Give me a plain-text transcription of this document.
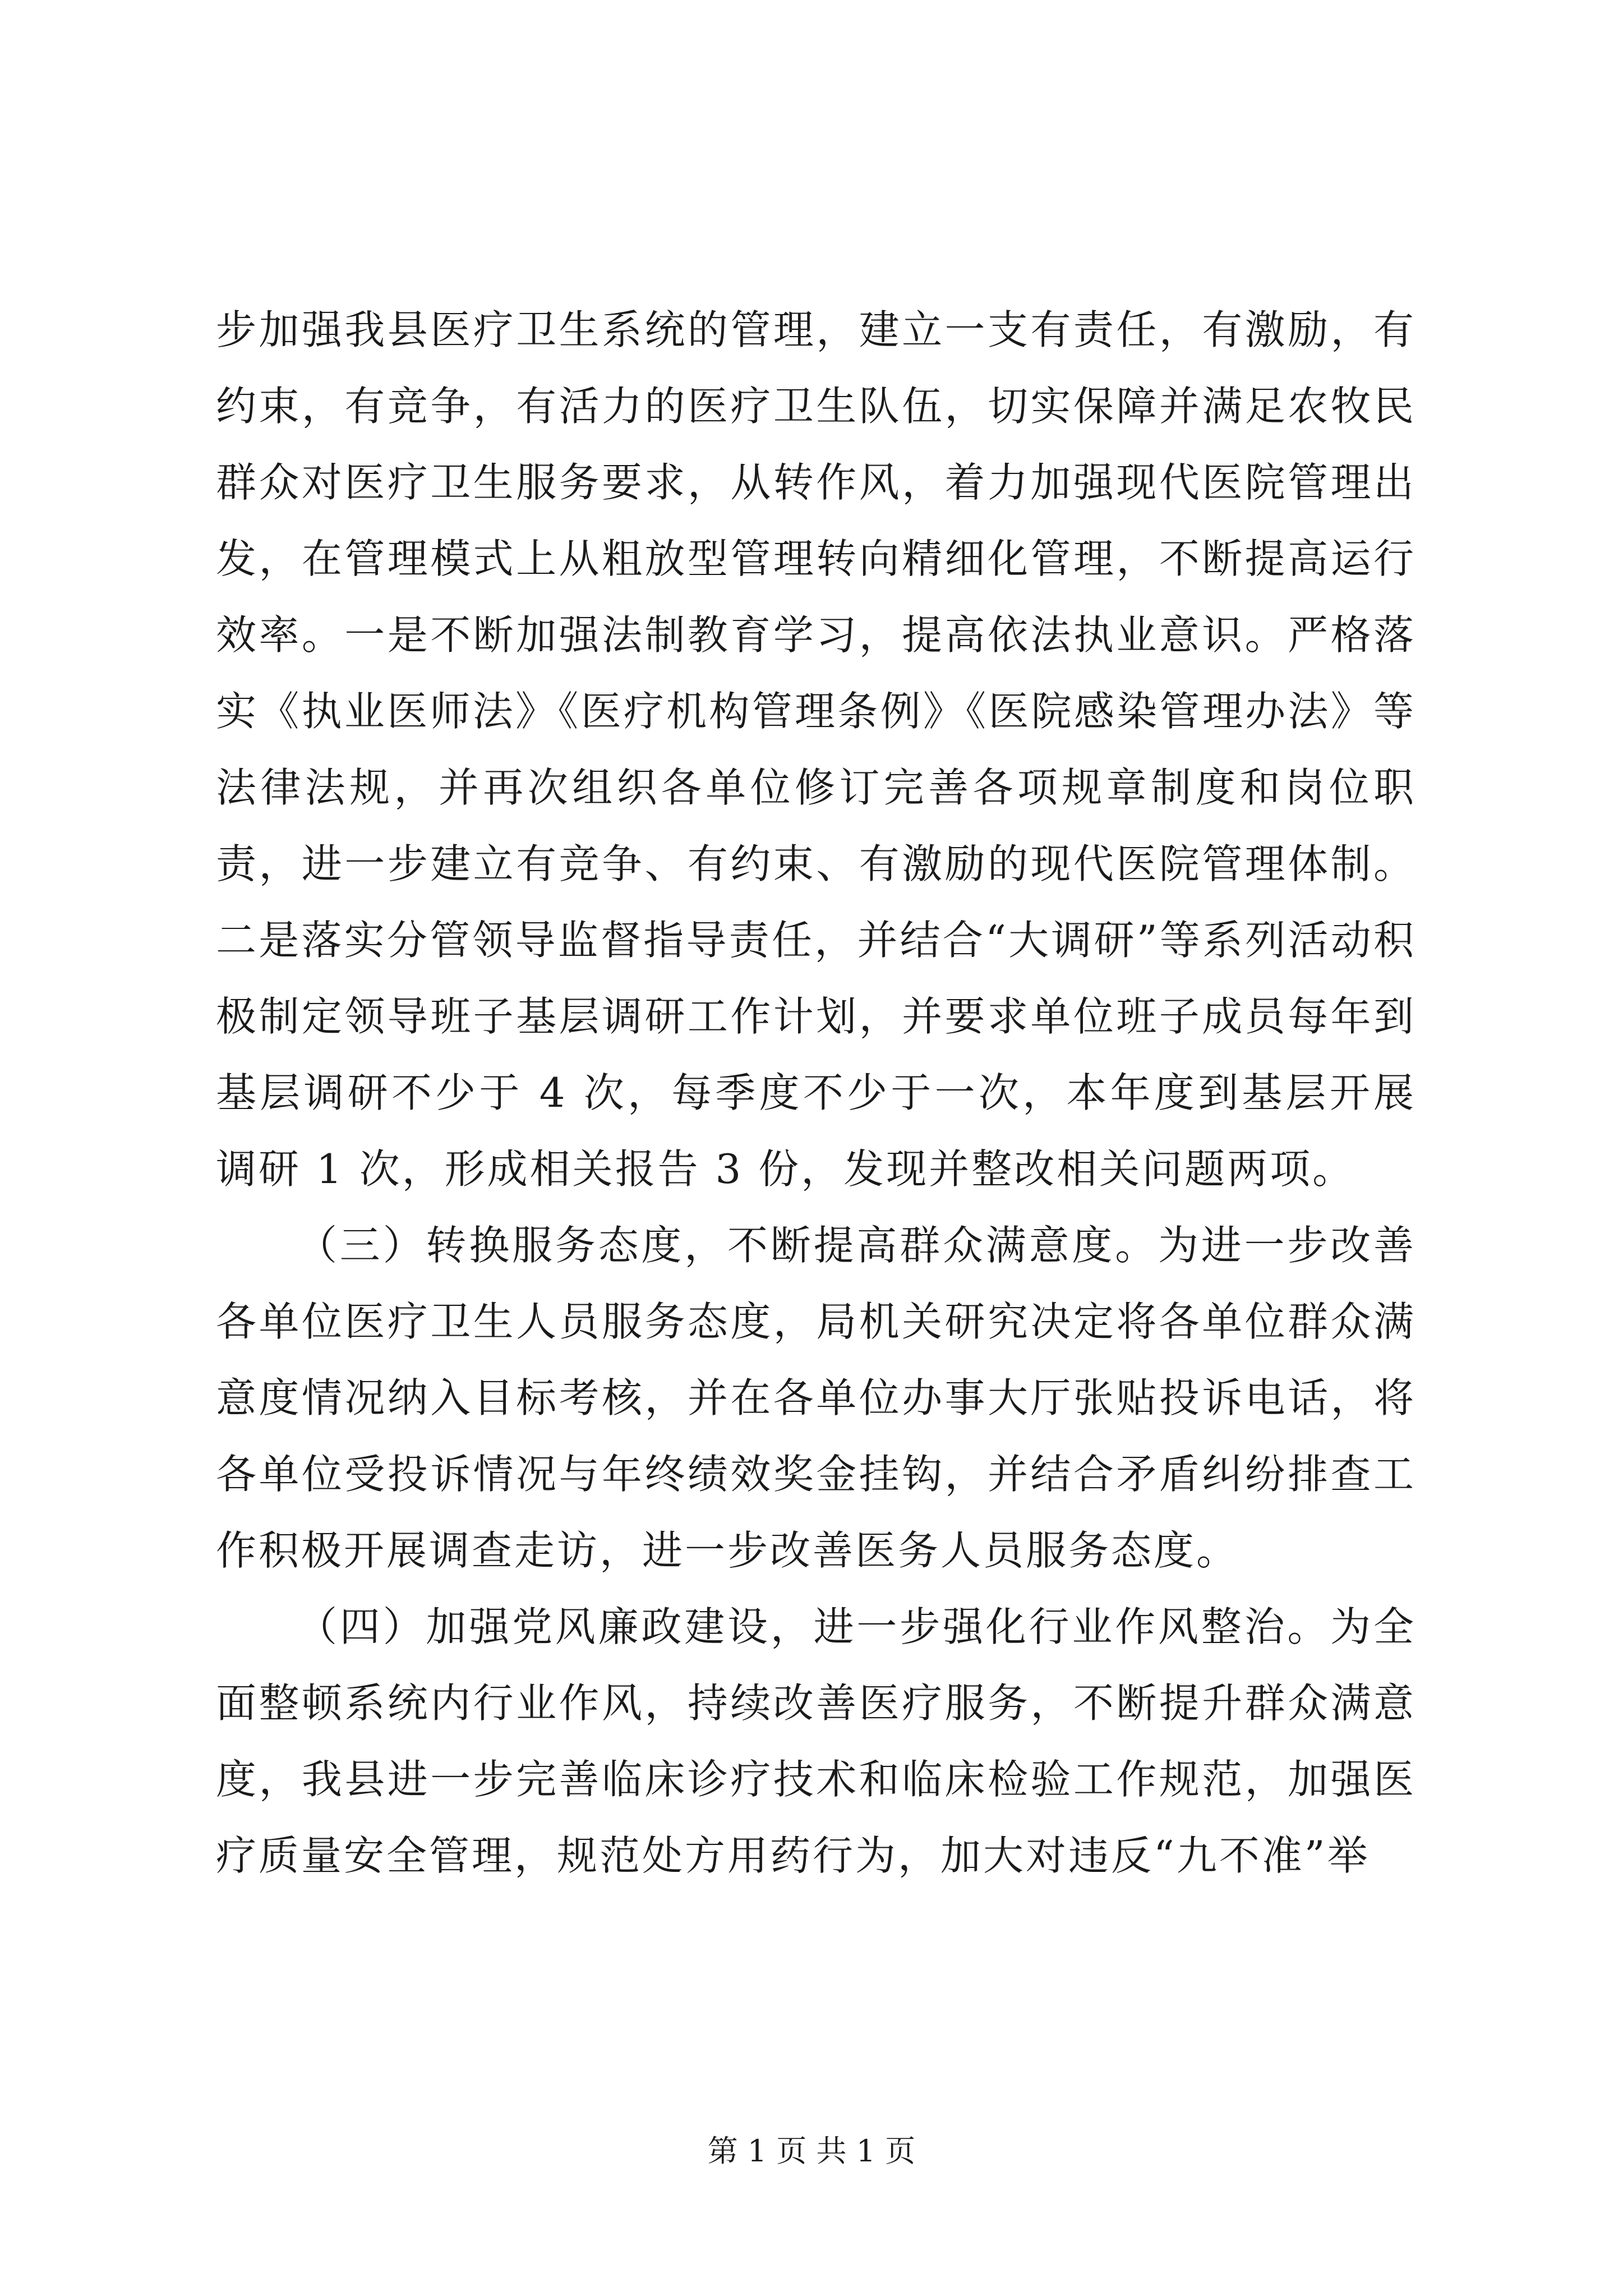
步加强我县医疗卫生系统的管理，建立一支有责任，有激励，有约束，有竞争，有活力的医疗卫生队伍，切实保障并满足农牧民群众对医疗卫生服务要求，从转作风，着力加强现代医院管理出发，在管理模式上从粗放型管理转向精细化管理，不断提高运行效率。一是不断加强法制教育学习，提高依法执业意识。严格落实《执业医师法》《医疗机构管理条例》《医院感染管理办法》等法律法规，并再次组织各单位修订完善各项规章制度和岗位职责，进一步建立有竞争、有约束、有激励的现代医院管理体制。二是落实分管领导监督指导责任，并结合“大调研”等系列活动积极制定领导班子基层调研工作计划，并要求单位班子成员每年到基层调研不少于 4 次，每季度不少于一次，本年度到基层开展调研 1 次，形成相关报告 3 份，发现并整改相关问题两项。

（三）转换服务态度，不断提高群众满意度。为进一步改善各单位医疗卫生人员服务态度，局机关研究决定将各单位群众满意度情况纳入目标考核，并在各单位办事大厅张贴投诉电话，将各单位受投诉情况与年终绩效奖金挂钩，并结合矛盾纠纷排查工作积极开展调查走访，进一步改善医务人员服务态度。

（四）加强党风廉政建设，进一步强化行业作风整治。为全面整顿系统内行业作风，持续改善医疗服务，不断提升群众满意度，我县进一步完善临床诊疗技术和临床检验工作规范，加强医疗质量安全管理，规范处方用药行为，加大对违反“九不准”举

第 1 页 共 1 页
